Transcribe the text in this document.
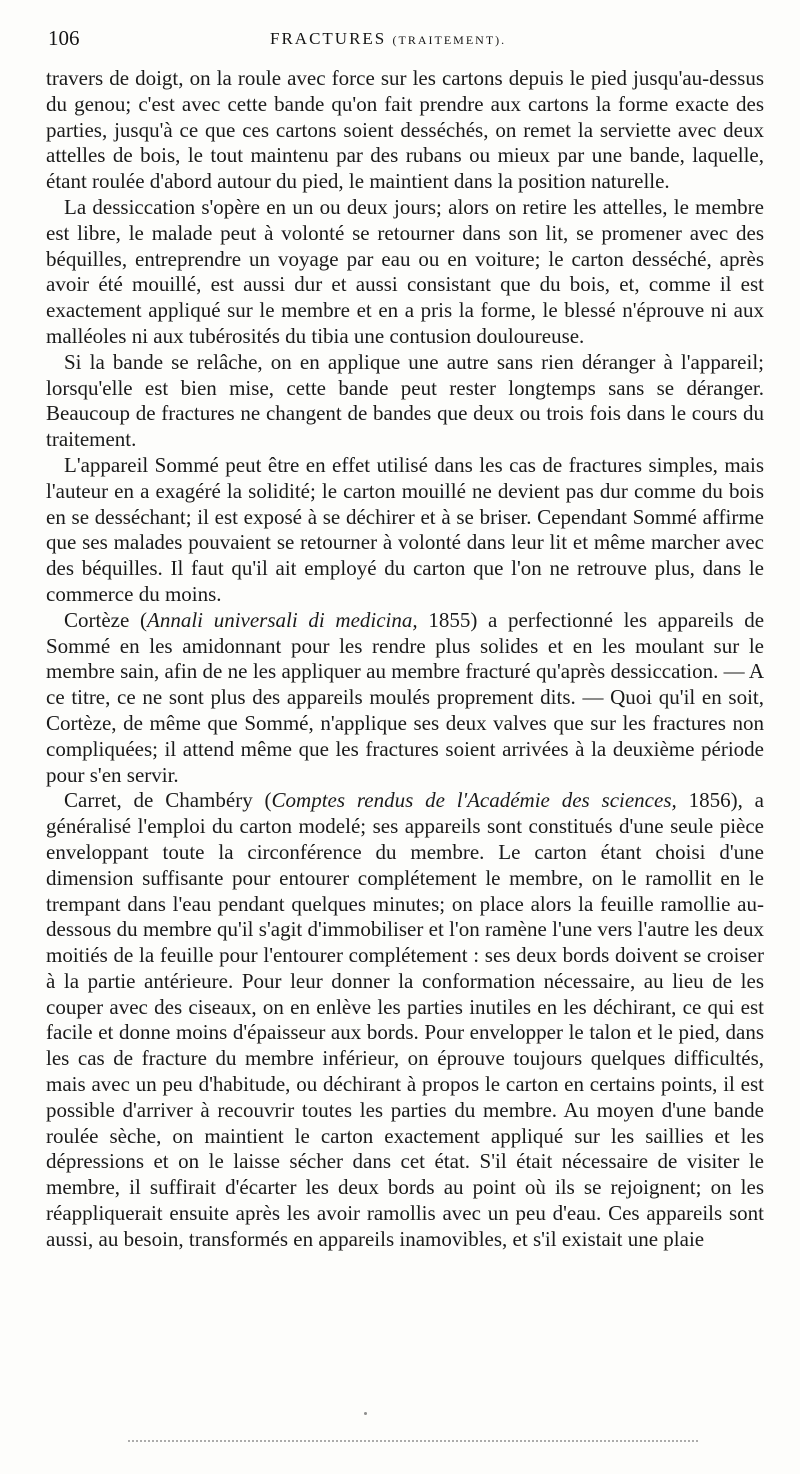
106	FRACTURES (TRAITEMENT).

travers de doigt, on la roule avec force sur les cartons depuis le pied jusqu'au-dessus du genou; c'est avec cette bande qu'on fait prendre aux cartons la forme exacte des parties, jusqu'à ce que ces cartons soient desséchés, on remet la serviette avec deux attelles de bois, le tout maintenu par des rubans ou mieux par une bande, laquelle, étant roulée d'abord autour du pied, le maintient dans la position naturelle.

La dessiccation s'opère en un ou deux jours; alors on retire les attelles, le membre est libre, le malade peut à volonté se retourner dans son lit, se promener avec des béquilles, entreprendre un voyage par eau ou en voiture; le carton desséché, après avoir été mouillé, est aussi dur et aussi consistant que du bois, et, comme il est exactement appliqué sur le membre et en a pris la forme, le blessé n'éprouve ni aux malléoles ni aux tubérosités du tibia une contusion douloureuse.

Si la bande se relâche, on en applique une autre sans rien déranger à l'appareil; lorsqu'elle est bien mise, cette bande peut rester longtemps sans se déranger. Beaucoup de fractures ne changent de bandes que deux ou trois fois dans le cours du traitement.

L'appareil Sommé peut être en effet utilisé dans les cas de fractures simples, mais l'auteur en a exagéré la solidité; le carton mouillé ne devient pas dur comme du bois en se desséchant; il est exposé à se déchirer et à se briser. Cependant Sommé affirme que ses malades pouvaient se retourner à volonté dans leur lit et même marcher avec des béquilles. Il faut qu'il ait employé du carton que l'on ne retrouve plus, dans le commerce du moins.

Cortèze (Annali universali di medicina, 1855) a perfectionné les appareils de Sommé en les amidonnant pour les rendre plus solides et en les moulant sur le membre sain, afin de ne les appliquer au membre fracturé qu'après dessiccation. — A ce titre, ce ne sont plus des appareils moulés proprement dits. — Quoi qu'il en soit, Cortèze, de même que Sommé, n'applique ses deux valves que sur les fractures non compliquées; il attend même que les fractures soient arrivées à la deuxième période pour s'en servir.

Carret, de Chambéry (Comptes rendus de l'Académie des sciences, 1856), a généralisé l'emploi du carton modelé; ses appareils sont constitués d'une seule pièce enveloppant toute la circonférence du membre. Le carton étant choisi d'une dimension suffisante pour entourer complétement le membre, on le ramollit en le trempant dans l'eau pendant quelques minutes; on place alors la feuille ramollie au-dessous du membre qu'il s'agit d'immobiliser et l'on ramène l'une vers l'autre les deux moitiés de la feuille pour l'entourer complétement : ses deux bords doivent se croiser à la partie antérieure. Pour leur donner la conformation nécessaire, au lieu de les couper avec des ciseaux, on en enlève les parties inutiles en les déchirant, ce qui est facile et donne moins d'épaisseur aux bords. Pour envelopper le talon et le pied, dans les cas de fracture du membre inférieur, on éprouve toujours quelques difficultés, mais avec un peu d'habitude, ou déchirant à propos le carton en certains points, il est possible d'arriver à recouvrir toutes les parties du membre. Au moyen d'une bande roulée sèche, on maintient le carton exactement appliqué sur les saillies et les dépressions et on le laisse sécher dans cet état. S'il était nécessaire de visiter le membre, il suffirait d'écarter les deux bords au point où ils se rejoignent; on les réappliquerait ensuite après les avoir ramollis avec un peu d'eau. Ces appareils sont aussi, au besoin, transformés en appareils inamovibles, et s'il existait une plaie
